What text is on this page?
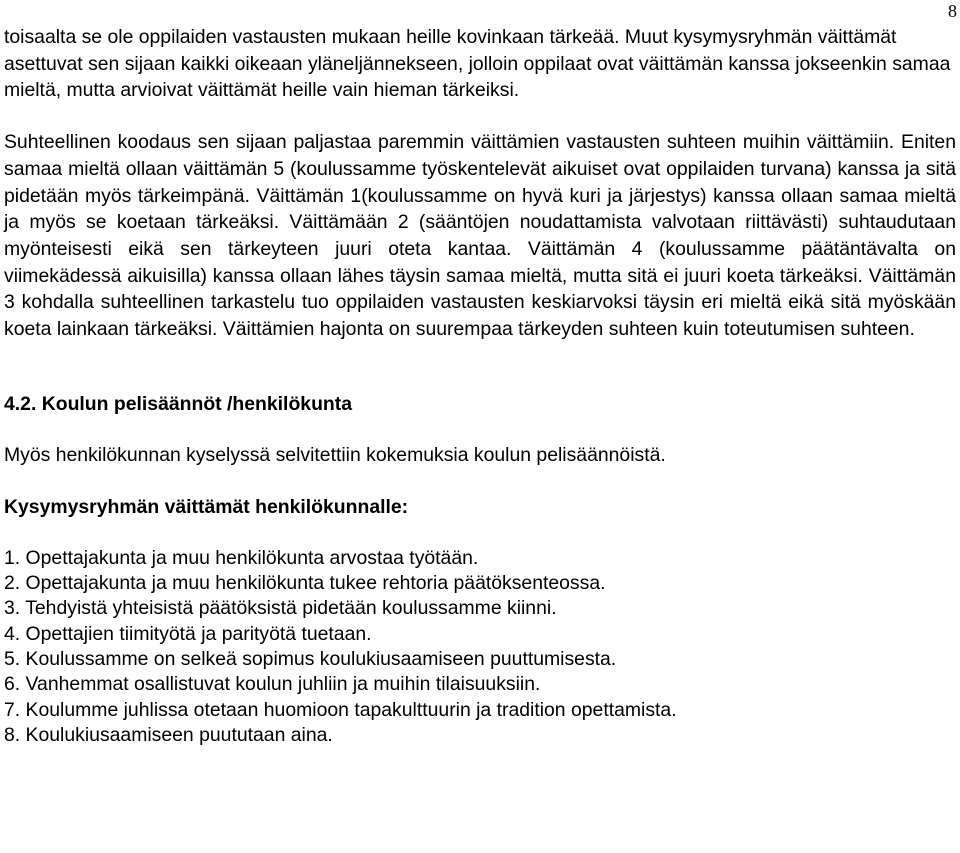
8

toisaalta se ole oppilaiden vastausten mukaan heille kovinkaan tärkeää. Muut kysymysryhmän väittämät asettuvat sen sijaan kaikki oikeaan yläneljännekseen, jolloin oppilaat ovat väittämän kanssa jokseenkin samaa mieltä, mutta arvioivat väittämät heille vain hieman tärkeiksi.

Suhteellinen koodaus sen sijaan paljastaa paremmin väittämien vastausten suhteen muihin väittämiin. Eniten samaa mieltä ollaan väittämän 5 (koulussamme työskentelevät aikuiset ovat oppilaiden turvana) kanssa ja sitä pidetään myös tärkeimpänä. Väittämän 1(koulussamme on hyvä kuri ja järjestys) kanssa ollaan samaa mieltä ja myös se koetaan tärkeäksi. Väittämään 2 (sääntöjen noudattamista valvotaan riittävästi) suhtaudutaan myönteisesti eikä sen tärkeyteen juuri oteta kantaa. Väittämän 4 (koulussamme päätäntävalta on viimekädessä aikuisilla) kanssa ollaan lähes täysin samaa mieltä, mutta sitä ei juuri koeta tärkeäksi. Väittämän 3 kohdalla suhteellinen tarkastelu tuo oppilaiden vastausten keskiarvoksi täysin eri mieltä eikä sitä myöskään koeta lainkaan tärkeäksi. Väittämien hajonta on suurempaa tärkeyden suhteen kuin toteutumisen suhteen.

4.2. Koulun pelisäännöt /henkilökunta

Myös henkilökunnan kyselyssä selvitettiin kokemuksia koulun pelisäännöistä.

Kysymysryhmän väittämät henkilökunnalle:

1. Opettajakunta ja muu henkilökunta arvostaa työtään.
2. Opettajakunta ja muu henkilökunta tukee rehtoria päätöksenteossa.
3. Tehdyistä yhteisistä päätöksistä pidetään koulussamme kiinni.
4. Opettajien tiimityötä ja parityötä tuetaan.
5. Koulussamme on selkeä sopimus koulukiusaamiseen puuttumisesta.
6. Vanhemmat osallistuvat koulun juhliin ja muihin tilaisuuksiin.
7. Koulumme juhlissa otetaan huomioon tapakulttuurin ja tradition opettamista.
8. Koulukiusaamiseen puututaan aina.
